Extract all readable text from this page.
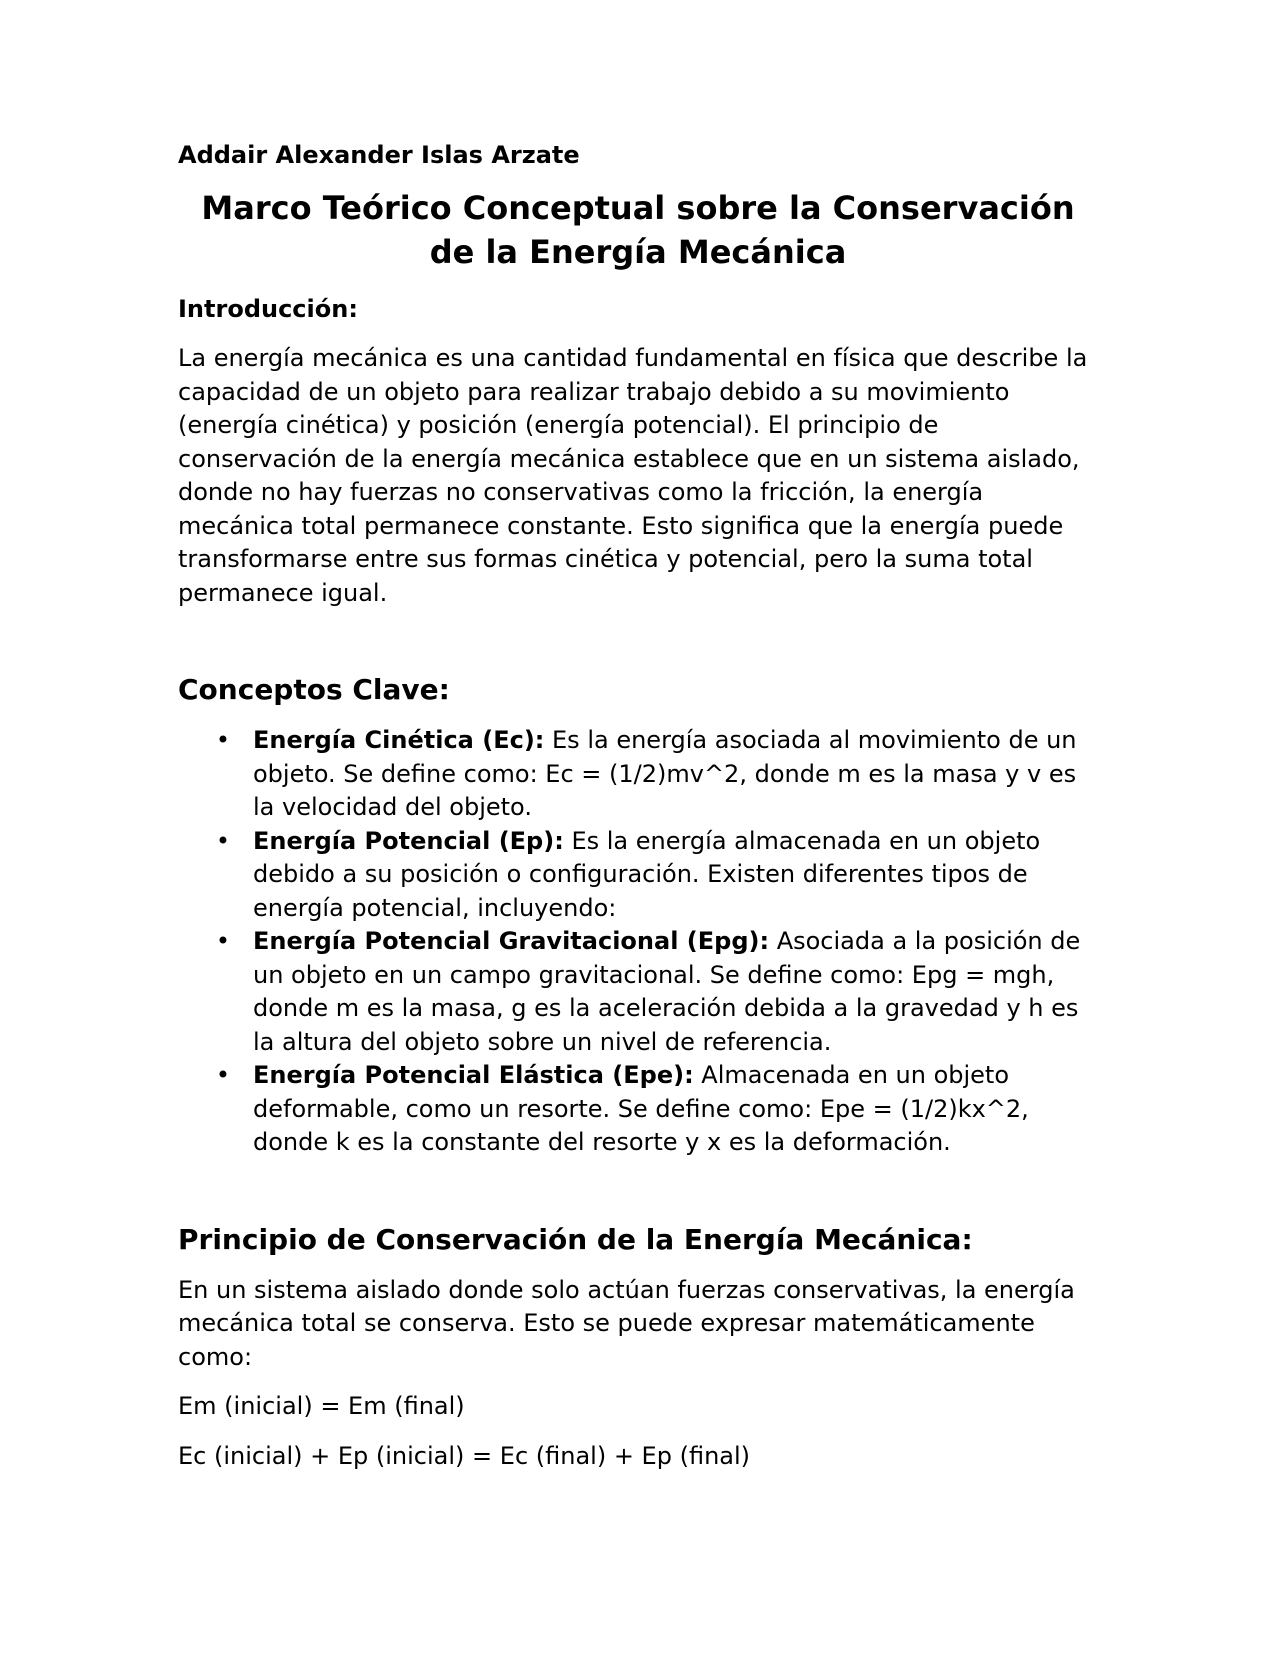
Addair Alexander Islas Arzate
Marco Teórico Conceptual sobre la Conservación de la Energía Mecánica
Introducción:

La energía mecánica es una cantidad fundamental en física que describe la capacidad de un objeto para realizar trabajo debido a su movimiento (energía cinética) y posición (energía potencial). El principio de conservación de la energía mecánica establece que en un sistema aislado, donde no hay fuerzas no conservativas como la fricción, la energía mecánica total permanece constante. Esto significa que la energía puede transformarse entre sus formas cinética y potencial, pero la suma total permanece igual.

Conceptos Clave:
• Energía Cinética (Ec): Es la energía asociada al movimiento de un objeto. Se define como: Ec = (1/2)mv^2, donde m es la masa y v es la velocidad del objeto.
• Energía Potencial (Ep): Es la energía almacenada en un objeto debido a su posición o configuración. Existen diferentes tipos de energía potencial, incluyendo:
• Energía Potencial Gravitacional (Epg): Asociada a la posición de un objeto en un campo gravitacional. Se define como: Epg = mgh, donde m es la masa, g es la aceleración debida a la gravedad y h es la altura del objeto sobre un nivel de referencia.
• Energía Potencial Elástica (Epe): Almacenada en un objeto deformable, como un resorte. Se define como: Epe = (1/2)kx^2, donde k es la constante del resorte y x es la deformación.
Principio de Conservación de la Energía Mecánica:

En un sistema aislado donde solo actúan fuerzas conservativas, la energía mecánica total se conserva. Esto se puede expresar matemáticamente como:

Em (inicial) = Em (final)
Ec (inicial) + Ep (inicial) = Ec (final) + Ep (final)
